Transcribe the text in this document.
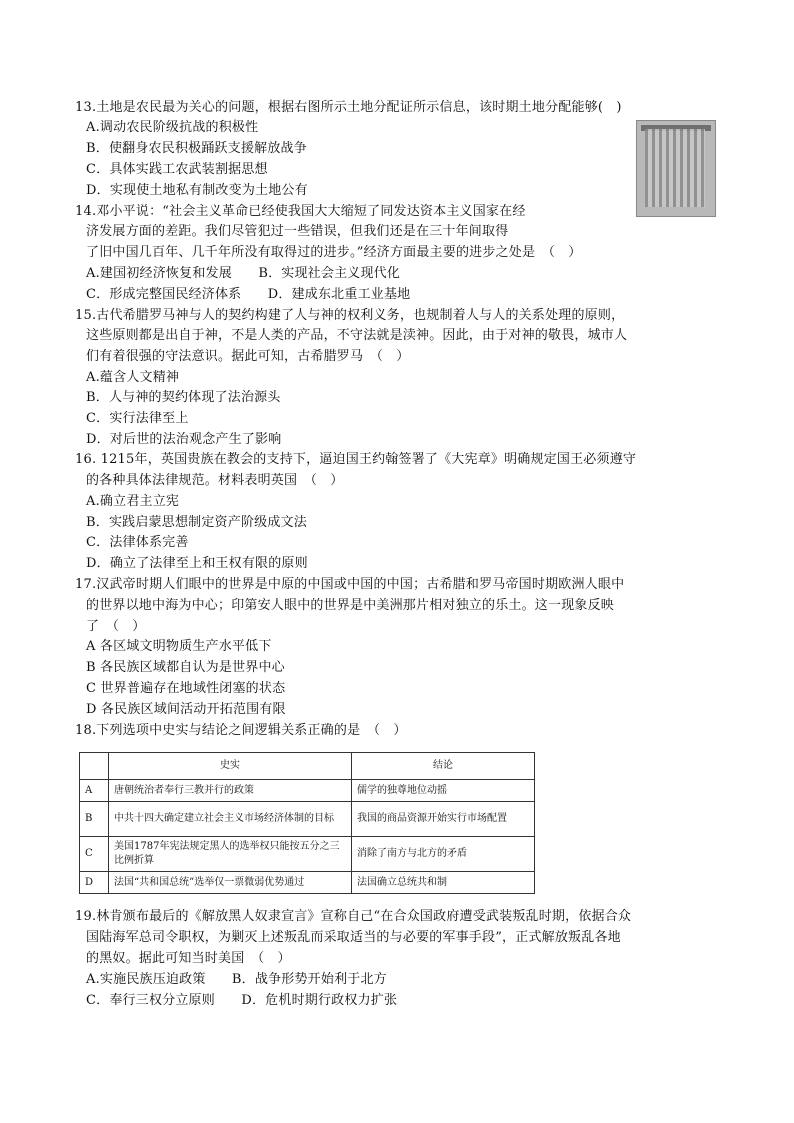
13.土地是农民最为关心的问题，根据右图所示土地分配证所示信息，该时期土地分配能够(　)
A.调动农民阶级抗战的积极性
B．使翻身农民积极踊跃支援解放战争
C．具体实践工农武装割据思想
D．实现使土地私有制改变为土地公有
14.邓小平说：“社会主义革命已经使我国大大缩短了同发达资本主义国家在经
济发展方面的差距。我们尽管犯过一些错误，但我们还是在三十年间取得
了旧中国几百年、几千年所没有取得过的进步。”经济方面最主要的进步之处是　（　）
A.建国初经济恢复和发展　　B．实现社会主义现代化
C．形成完整国民经济体系　　D．建成东北重工业基地
15.古代希腊罗马神与人的契约构建了人与神的权利义务，也规制着人与人的关系处理的原则，
这些原则都是出自于神，不是人类的产品，不守法就是渎神。因此，由于对神的敬畏，城市人
们有着很强的守法意识。据此可知，古希腊罗马　（　）
A.蕴含人文精神
B．人与神的契约体现了法治源头
C．实行法律至上
D．对后世的法治观念产生了影响
16. 1215年，英国贵族在教会的支持下，逼迫国王约翰签署了《大宪章》明确规定国王必须遵守
的各种具体法律规范。材料表明英国　（　）
A.确立君主立宪
B．实践启蒙思想制定资产阶级成文法
C．法律体系完善
D．确立了法律至上和王权有限的原则
17.汉武帝时期人们眼中的世界是中原的中国或中国的中国；古希腊和罗马帝国时期欧洲人眼中
的世界以地中海为中心；印第安人眼中的世界是中美洲那片相对独立的乐土。这一现象反映
了　（　）
A 各区域文明物质生产水平低下
B 各民族区域都自认为是世界中心
C 世界普遍存在地域性闭塞的状态
D 各民族区域间活动开拓范围有限
18.下列选项中史实与结论之间逻辑关系正确的是　（　）
	史实	结论
A	唐朝统治者奉行三教并行的政策	儒学的独尊地位动摇
B	中共十四大确定建立社会主义市场经济体制的目标	我国的商品资源开始实行市场配置
C	美国1787年宪法规定黑人的选举权只能按五分之三比例折算	消除了南方与北方的矛盾
D	法国“共和国总统”选举仅一票微弱优势通过	法国确立总统共和制
19.林肯颁布最后的《解放黑人奴隶宣言》宣称自己“在合众国政府遭受武装叛乱时期，依据合众
国陆海军总司令职权，为剿灭上述叛乱而采取适当的与必要的军事手段”，正式解放叛乱各地
的黑奴。据此可知当时美国　（　）
A.实施民族压迫政策　　B．战争形势开始利于北方
C．奉行三权分立原则　　D．危机时期行政权力扩张
